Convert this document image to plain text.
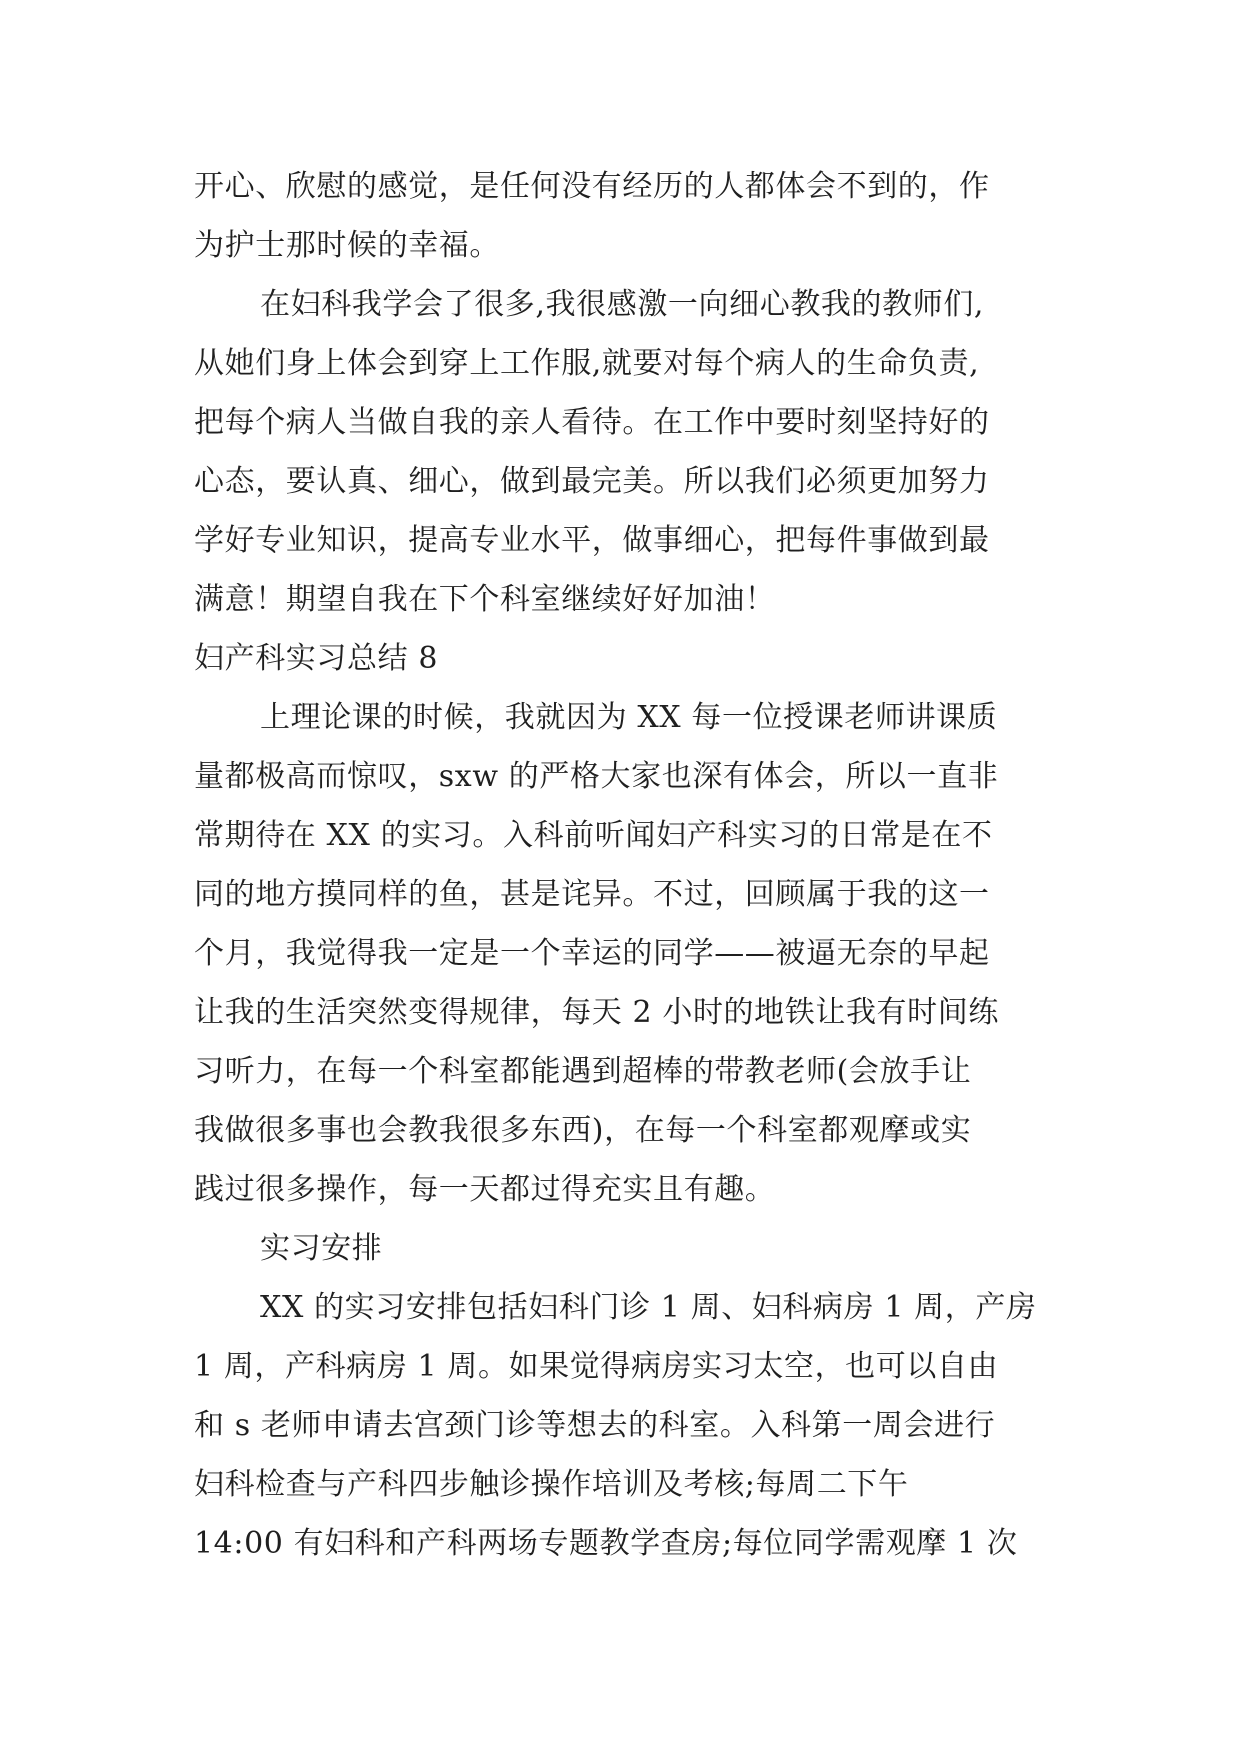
开心、欣慰的感觉，是任何没有经历的人都体会不到的，作
为护士那时候的幸福。
在妇科我学会了很多,我很感激一向细心教我的教师们,
从她们身上体会到穿上工作服,就要对每个病人的生命负责,
把每个病人当做自我的亲人看待。在工作中要时刻坚持好的
心态，要认真、细心，做到最完美。所以我们必须更加努力
学好专业知识，提高专业水平，做事细心，把每件事做到最
满意！期望自我在下个科室继续好好加油！
妇产科实习总结 8
上理论课的时候，我就因为 XX 每一位授课老师讲课质
量都极高而惊叹，sxw 的严格大家也深有体会，所以一直非
常期待在 XX 的实习。入科前听闻妇产科实习的日常是在不
同的地方摸同样的鱼，甚是诧异。不过，回顾属于我的这一
个月，我觉得我一定是一个幸运的同学——被逼无奈的早起
让我的生活突然变得规律，每天 2 小时的地铁让我有时间练
习听力，在每一个科室都能遇到超棒的带教老师(会放手让
我做很多事也会教我很多东西)，在每一个科室都观摩或实
践过很多操作，每一天都过得充实且有趣。
实习安排
XX 的实习安排包括妇科门诊 1 周、妇科病房 1 周，产房
1 周，产科病房 1 周。如果觉得病房实习太空，也可以自由
和 s 老师申请去宫颈门诊等想去的科室。入科第一周会进行
妇科检查与产科四步触诊操作培训及考核;每周二下午
14:00 有妇科和产科两场专题教学查房;每位同学需观摩 1 次
